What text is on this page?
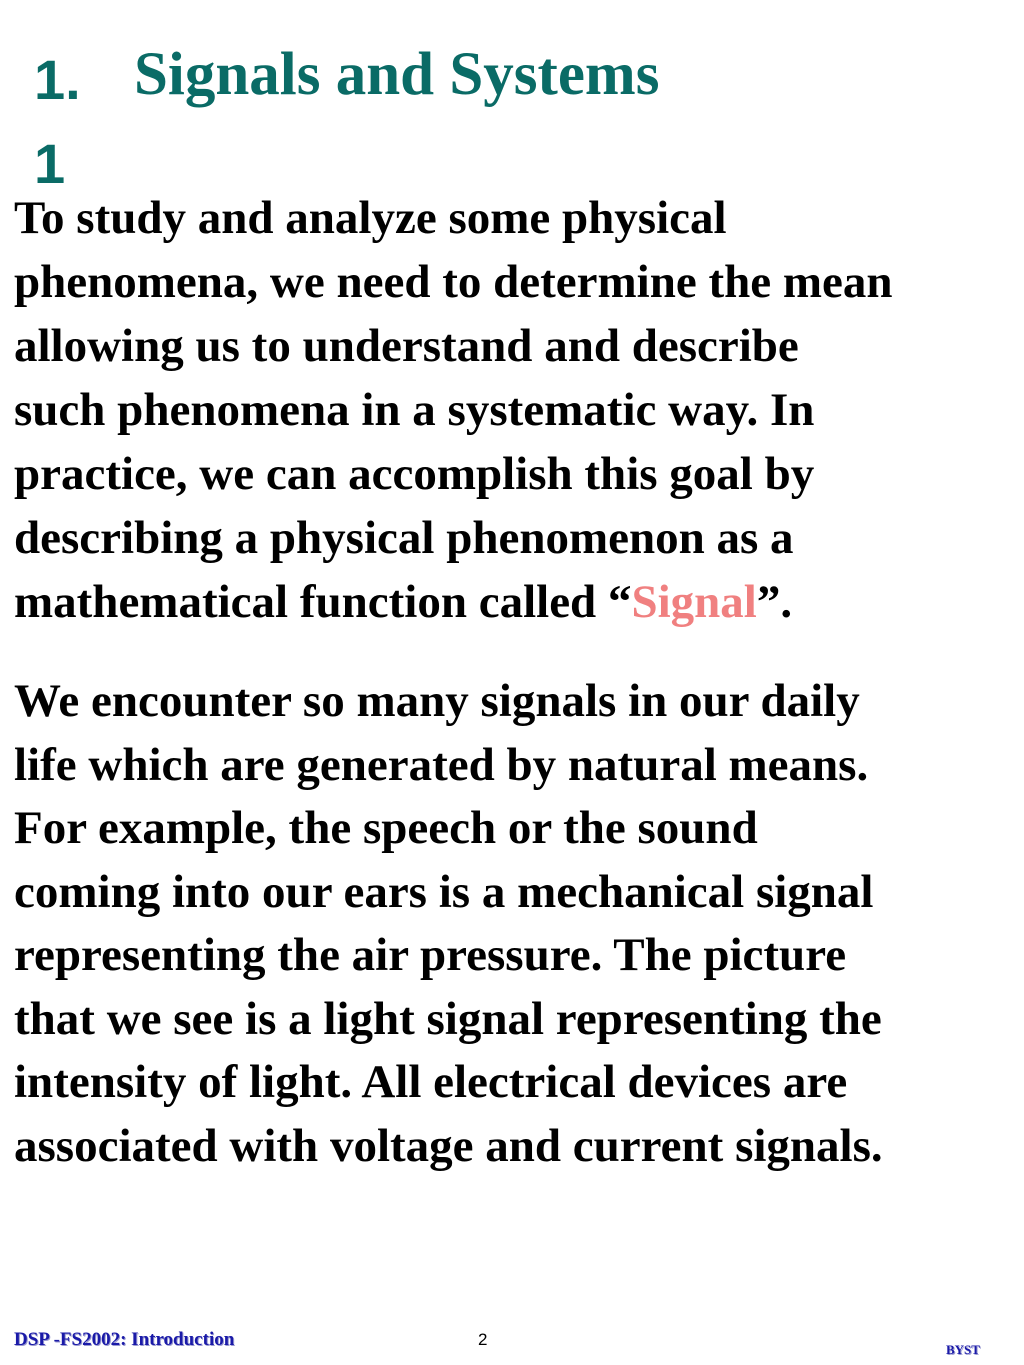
1.
1
Signals and Systems
To study and analyze some physical
phenomena, we need to determine the mean
allowing us to understand and describe
such phenomena in a systematic way. In
practice, we can accomplish this goal by
describing a physical phenomenon as a
mathematical function called “Signal”.
We encounter so many signals in our daily
life which are generated by natural means.
For example, the speech or the sound
coming into our ears is a mechanical signal
representing the air pressure. The picture
that we see is a light signal representing the
intensity of light. All electrical devices are
associated with voltage and current signals.
DSP -FS2002: Introduction	2
BYST
